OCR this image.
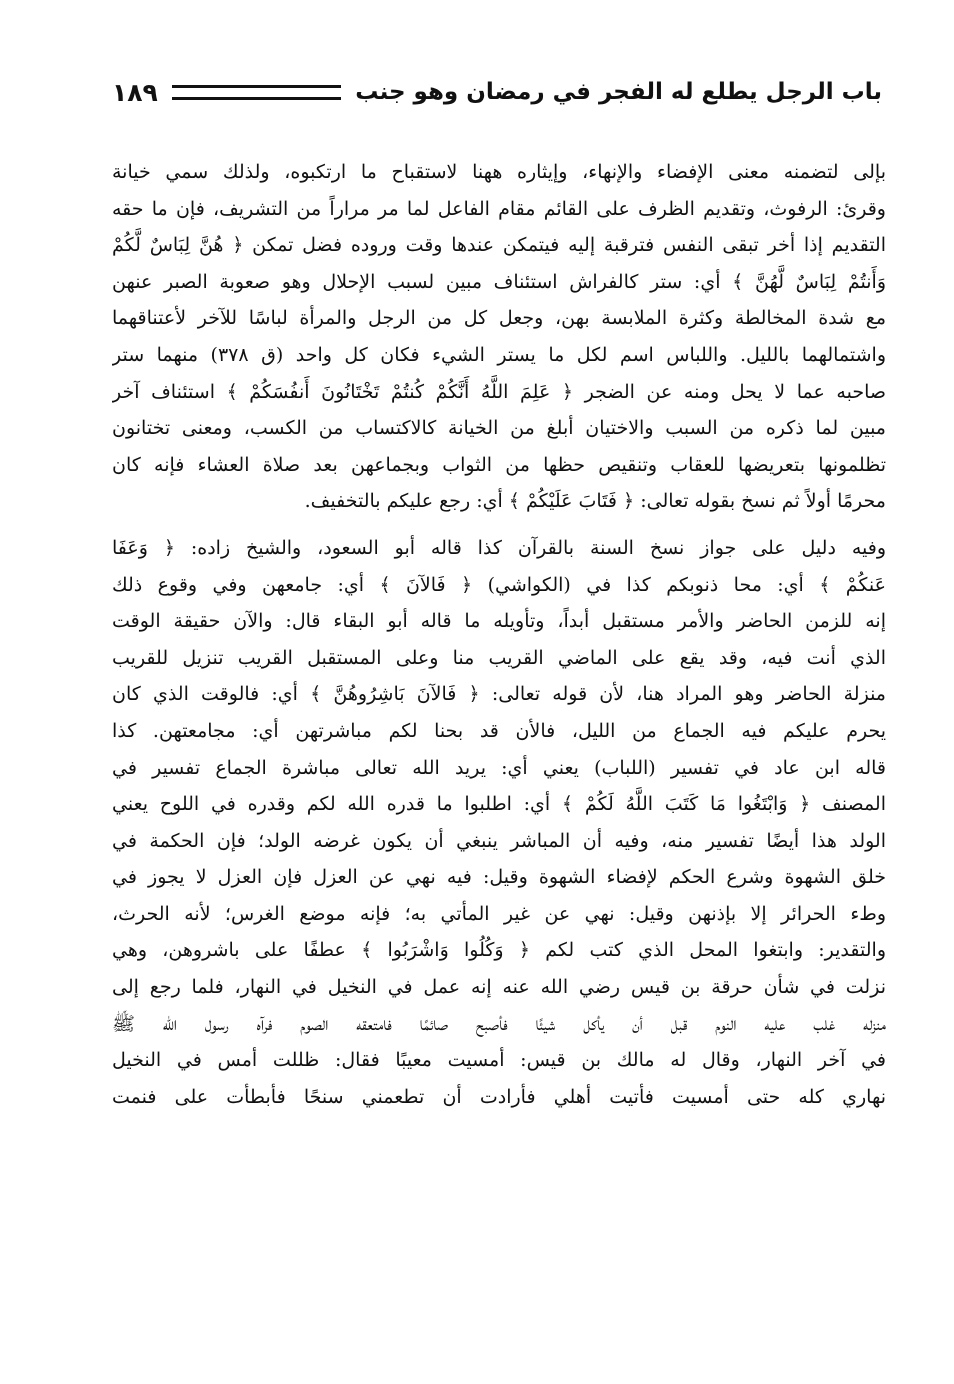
باب الرجل يطلع له الفجر في رمضان وهو جنب
١٨٩
بإلى لتضمنه معنى الإفضاء والإنهاء، وإيثاره ههنا لاستقباح ما ارتكبوه، ولذلك سمي خيانة
وقرئ: الرفوث، وتقديم الظرف على القائم مقام الفاعل لما مر مراراً من التشريف، فإن ما حقه
التقديم إذا أخر تبقى النفس فترقبة إليه فيتمكن عندها وقت وروده فضل تمكن ﴿ هُنَّ لِبَاسٌ لَّكُمْ
وَأَنتُمْ لِبَاسٌ لَّهُنَّ ﴾ أي: ستر كالفراش استئناف مبين لسبب الإحلال وهو صعوبة الصبر عنهن
مع شدة المخالطة وكثرة الملابسة بهن، وجعل كل من الرجل والمرأة لباسًا للآخر لأعتناقهما
واشتمالهما بالليل. واللباس اسم لكل ما يستر الشيء فكان كل واحد (ق ٣٧٨) منهما ستر
صاحبه عما لا يحل ومنه عن الضجر ﴿ عَلِمَ اللَّهُ أَنَّكُمْ كُنتُمْ تَخْتَانُونَ أَنفُسَكُمْ ﴾ استئناف آخر
مبين لما ذكره من السبب والاختيان أبلغ من الخيانة كالاكتساب من الكسب، ومعنى تختانون
تظلمونها بتعريضها للعقاب وتنقيص حظها من الثواب وبجماعهن بعد صلاة العشاء فإنه كان
محرمًا أولاً ثم نسخ بقوله تعالى: ﴿ فَتَابَ عَلَيْكُمْ ﴾ أي: رجع عليكم بالتخفيف.
وفيه دليل على جواز نسخ السنة بالقرآن كذا قاله أبو السعود، والشيخ زاده: ﴿ وَعَفَا
عَنكُمْ ﴾ أي: محا ذنوبكم كذا في (الكواشي) ﴿ فَالآنَ ﴾ أي: جامعهن وفي وقوع ذلك
إنه للزمن الحاضر والأمر مستقبل أبداً، وتأويله ما قاله أبو البقاء قال: والآن حقيقة الوقت
الذي أنت فيه، وقد يقع على الماضي القريب منا وعلى المستقبل القريب تنزيل للقريب
منزلة الحاضر وهو المراد هنا، لأن قوله تعالى: ﴿ فَالآنَ بَاشِرُوهُنَّ ﴾ أي: فالوقت الذي كان
يحرم عليكم فيه الجماع من الليل، فالأن قد بحنا لكم مباشرتهن أي: مجامعتهن. كذا
قاله ابن عاد في تفسير (اللباب) يعني أي: يريد الله تعالى مباشرة الجماع تفسير في
المصنف ﴿ وَابْتَغُوا مَا كَتَبَ اللَّهُ لَكُمْ ﴾ أي: اطلبوا ما قدره الله لكم وقدره في اللوح يعني
الولد هذا أيضًا تفسير منه، وفيه أن المباشر ينبغي أن يكون غرضه الولد؛ فإن الحكمة في
خلق الشهوة وشرع الحكم لإفضاء الشهوة وقيل: فيه نهي عن العزل فإن العزل لا يجوز في
وطء الحرائر إلا بإذنهن وقيل: نهي عن غير المأتي به؛ فإنه موضع الغرس؛ لأنه الحرث،
والتقدير: وابتغوا المحل الذي كتب لكم ﴿ وَكُلُوا وَاشْرَبُوا ﴾ عطفًا على باشروهن، وهي
نزلت في شأن حرقة بن قيس رضي الله عنه إنه عمل في النخيل في النهار، فلما رجع إلى
منزله غلب عليه النوم قبل أن يأكل شيئًا فأصبح صائمًا فامتعقه الصوم فرآه رسول الله ﷺ
في آخر النهار، وقال له مالك بن قيس: أمسيت معيبًا فقال: ظللت أمس في النخيل
نهاري كله حتى أمسيت فأتيت أهلي فأرادت أن تطعمني سنحًا فأبطأت على فنمت
